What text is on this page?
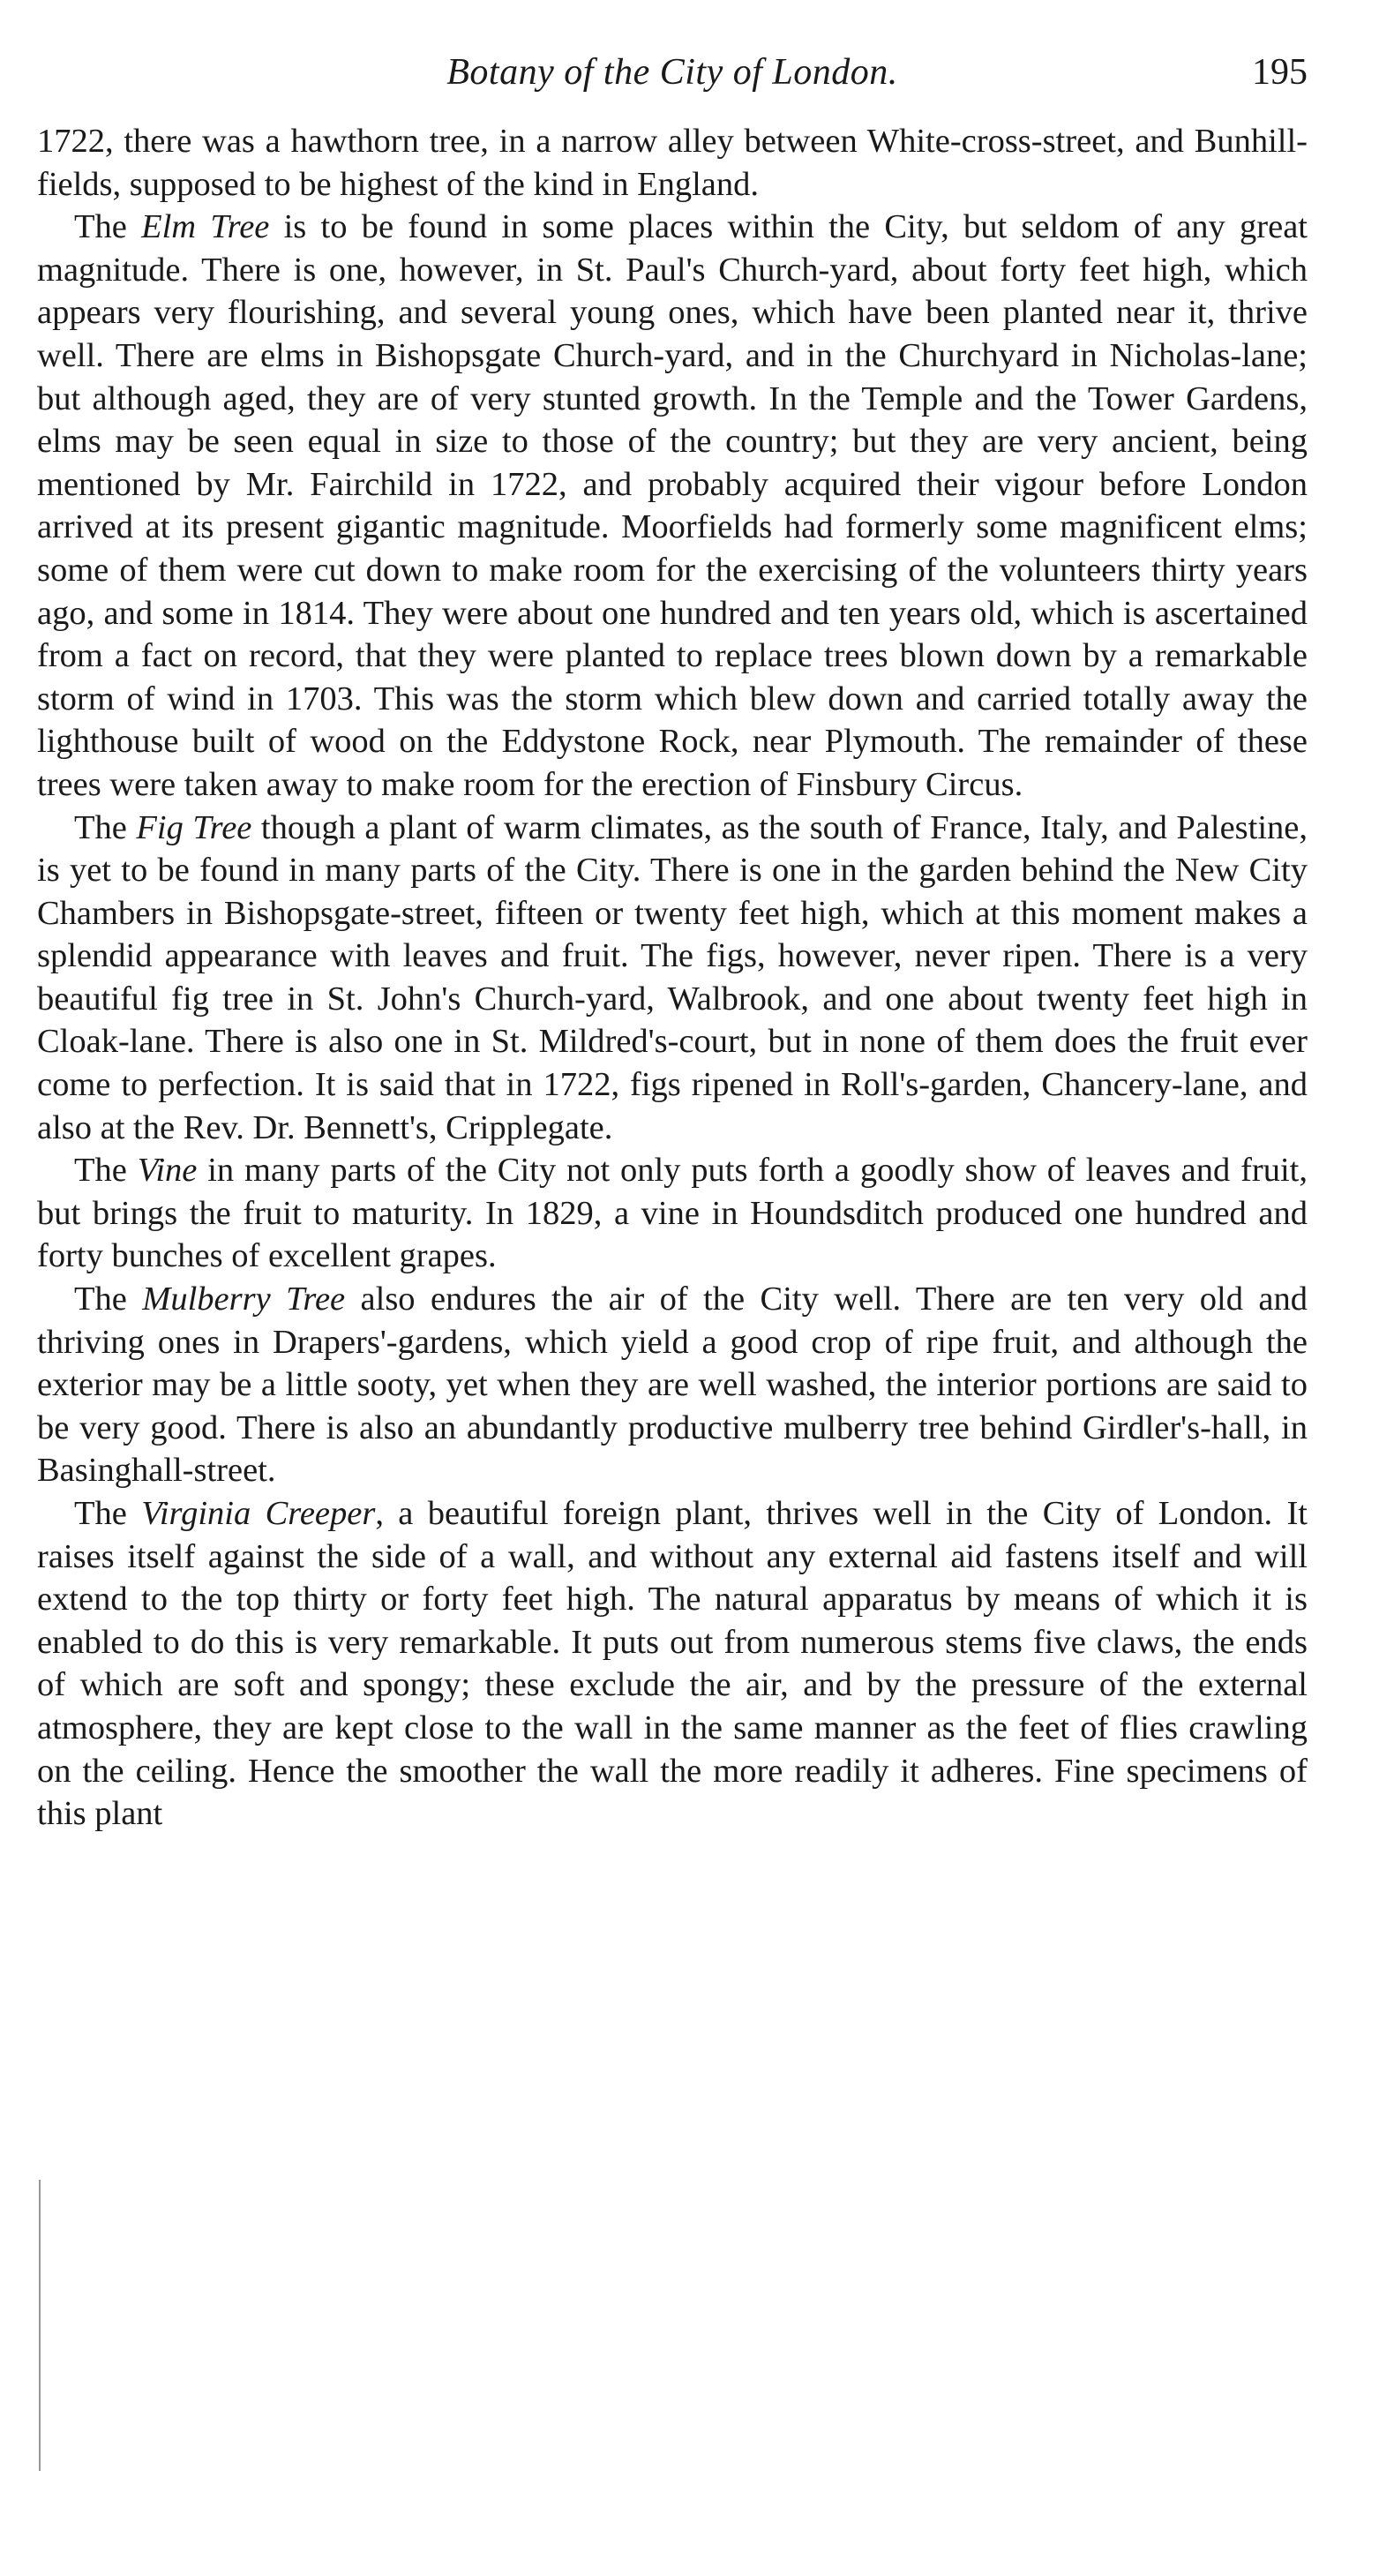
Botany of the City of London.	195

1722, there was a hawthorn tree, in a narrow alley between White-cross-street, and Bunhill-fields, supposed to be highest of the kind in England.

The Elm Tree is to be found in some places within the City, but seldom of any great magnitude. There is one, however, in St. Paul's Church-yard, about forty feet high, which appears very flourishing, and several young ones, which have been planted near it, thrive well. There are elms in Bishopsgate Church-yard, and in the Churchyard in Nicholas-lane; but although aged, they are of very stunted growth. In the Temple and the Tower Gardens, elms may be seen equal in size to those of the country; but they are very ancient, being mentioned by Mr. Fairchild in 1722, and probably acquired their vigour before London arrived at its present gigantic magnitude. Moorfields had formerly some magnificent elms; some of them were cut down to make room for the exercising of the volunteers thirty years ago, and some in 1814. They were about one hundred and ten years old, which is ascertained from a fact on record, that they were planted to replace trees blown down by a remarkable storm of wind in 1703. This was the storm which blew down and carried totally away the lighthouse built of wood on the Eddystone Rock, near Plymouth. The remainder of these trees were taken away to make room for the erection of Finsbury Circus.

The Fig Tree though a plant of warm climates, as the south of France, Italy, and Palestine, is yet to be found in many parts of the City. There is one in the garden behind the New City Chambers in Bishopsgate-street, fifteen or twenty feet high, which at this moment makes a splendid appearance with leaves and fruit. The figs, however, never ripen. There is a very beautiful fig tree in St. John's Church-yard, Walbrook, and one about twenty feet high in Cloak-lane. There is also one in St. Mildred's-court, but in none of them does the fruit ever come to perfection. It is said that in 1722, figs ripened in Roll's-garden, Chancery-lane, and also at the Rev. Dr. Bennett's, Cripplegate.

The Vine in many parts of the City not only puts forth a goodly show of leaves and fruit, but brings the fruit to maturity. In 1829, a vine in Houndsditch produced one hundred and forty bunches of excellent grapes.

The Mulberry Tree also endures the air of the City well. There are ten very old and thriving ones in Drapers'-gardens, which yield a good crop of ripe fruit, and although the exterior may be a little sooty, yet when they are well washed, the interior portions are said to be very good. There is also an abundantly productive mulberry tree behind Girdler's-hall, in Basinghall-street.

The Virginia Creeper, a beautiful foreign plant, thrives well in the City of London. It raises itself against the side of a wall, and without any external aid fastens itself and will extend to the top thirty or forty feet high. The natural apparatus by means of which it is enabled to do this is very remarkable. It puts out from numerous stems five claws, the ends of which are soft and spongy; these exclude the air, and by the pressure of the external atmosphere, they are kept close to the wall in the same manner as the feet of flies crawling on the ceiling. Hence the smoother the wall the more readily it adheres. Fine specimens of this plant
